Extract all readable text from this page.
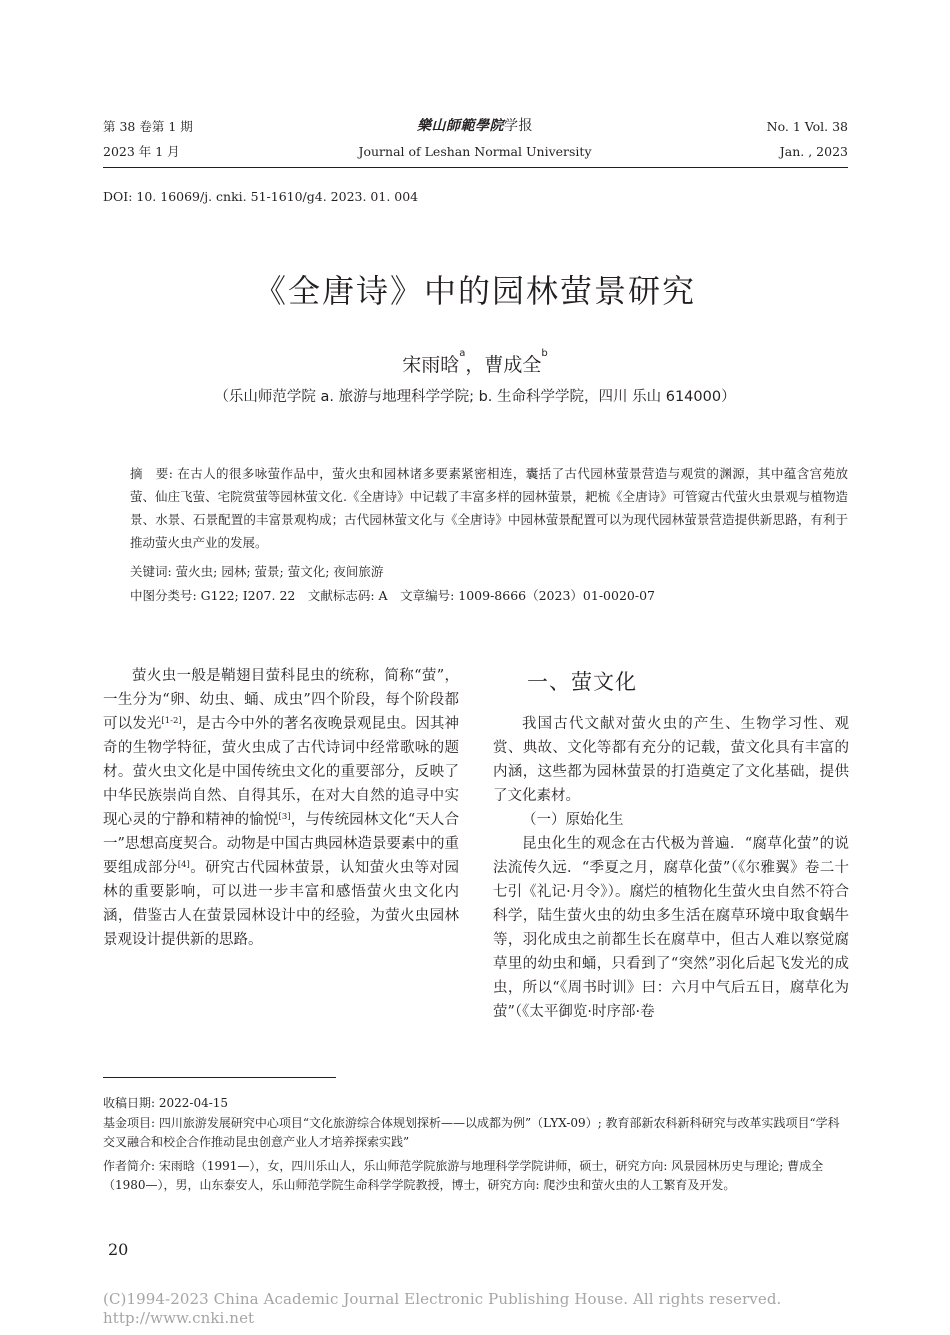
第 38 卷第 1 期
2023 年 1 月
樂山師範學院学报
Journal of Leshan Normal University
No. 1 Vol. 38
Jan. , 2023
DOI: 10. 16069/j. cnki. 51-1610/g4. 2023. 01. 004
《全唐诗》中的园林萤景研究
宋雨晗$^a$，曹成全$^b$
（乐山师范学院 a. 旅游与地理科学学院; b. 生命科学学院，四川 乐山 614000）
摘　要: 在古人的很多咏萤作品中，萤火虫和园林诸多要素紧密相连，囊括了古代园林萤景营造与观赏的渊源，其中蕴含宫苑放萤、仙庄飞萤、宅院赏萤等园林萤文化.《全唐诗》中记载了丰富多样的园林萤景，耙梳《全唐诗》可管窥古代萤火虫景观与植物造景、水景、石景配置的丰富景观构成；古代园林萤文化与《全唐诗》中园林萤景配置可以为现代园林萤景营造提供新思路，有利于推动萤火虫产业的发展。
关键词: 萤火虫; 园林; 萤景; 萤文化; 夜间旅游
中图分类号: G122; I207. 22　文献标志码: A　文章编号: 1009-8666（2023）01-0020-07

萤火虫一般是鞘翅目萤科昆虫的统称，简称“萤”，一生分为“卵、幼虫、蛹、成虫”四个阶段，每个阶段都可以发光[1-2]，是古今中外的著名夜晚景观昆虫。因其神奇的生物学特征，萤火虫成了古代诗词中经常歌咏的题材。萤火虫文化是中国传统虫文化的重要部分，反映了中华民族崇尚自然、自得其乐，在对大自然的追寻中实现心灵的宁静和精神的愉悦[3]，与传统园林文化“天人合一”思想高度契合。动物是中国古典园林造景要素中的重要组成部分[4]。研究古代园林萤景，认知萤火虫等对园林的重要影响，可以进一步丰富和感悟萤火虫文化内涵，借鉴古人在萤景园林设计中的经验，为萤火虫园林景观设计提供新的思路。

一、萤文化

我国古代文献对萤火虫的产生、生物学习性、观赏、典故、文化等都有充分的记载，萤文化具有丰富的内涵，这些都为园林萤景的打造奠定了文化基础，提供了文化素材。

（一）原始化生

昆虫化生的观念在古代极为普遍．“腐草化萤”的说法流传久远．“季夏之月，腐草化萤”（《尔雅翼》卷二十七引《礼记·月令》）。腐烂的植物化生萤火虫自然不符合科学，陆生萤火虫的幼虫多生活在腐草环境中取食蜗牛等，羽化成虫之前都生长在腐草中，但古人难以察觉腐草里的幼虫和蛹，只看到了“突然”羽化后起飞发光的成虫，所以“《周书时训》曰：六月中气后五日，腐草化为萤”（《太平御览·时序部·卷

收稿日期: 2022-04-15
基金项目: 四川旅游发展研究中心项目“文化旅游综合体规划探析——以成都为例”（LYX-09）; 教育部新农科新科研究与改革实践项目“学科交叉融合和校企合作推动昆虫创意产业人才培养探索实践”
作者简介: 宋雨晗（1991—），女，四川乐山人，乐山师范学院旅游与地理科学学院讲师，硕士，研究方向: 风景园林历史与理论; 曹成全（1980—），男，山东泰安人，乐山师范学院生命科学学院教授，博士，研究方向: 爬沙虫和萤火虫的人工繁育及开发。
20
(C)1994-2023 China Academic Journal Electronic Publishing House. All rights reserved.　 http://www.cnki.net
